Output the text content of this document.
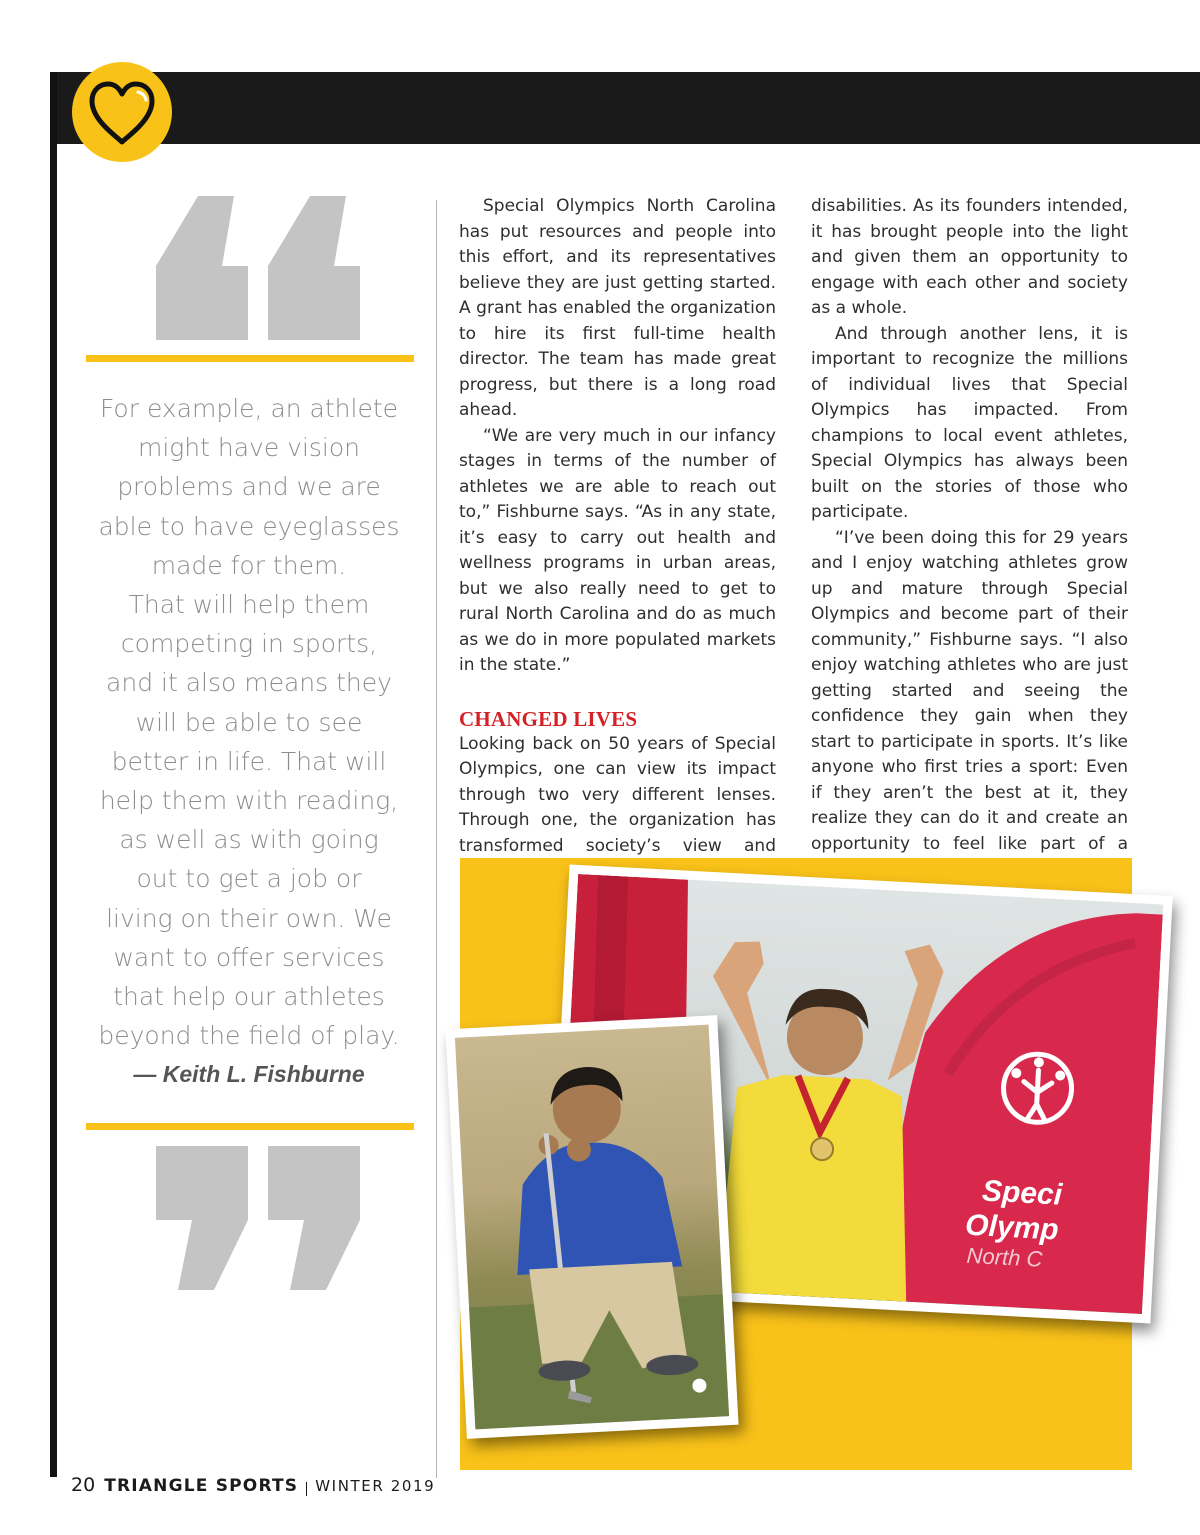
For example, an athlete
might have vision
problems and we are
able to have eyeglasses
made for them.
That will help them
competing in sports,
and it also means they
will be able to see
better in life. That will
help them with reading,
as well as with going
out to get a job or
living on their own. We
want to offer services
that help our athletes
beyond the field of play.
— Keith L. Fishburne

Special Olympics North Carolina has put resources and people into this effort, and its representatives believe they are just getting started. A grant has enabled the organization to hire its first full-time health director. The team has made great progress, but there is a long road ahead.

“We are very much in our infancy stages in terms of the number of athletes we are able to reach out to,” Fishburne says. “As in any state, it’s easy to carry out health and wellness programs in urban areas, but we also really need to get to rural North Carolina and do as much as we do in more populated markets in the state.”

CHANGED LIVES

Looking back on 50 years of Special Olympics, one can view its impact through two very different lenses. Through one, the organization has transformed society’s view and

disabilities. As its founders intended, it has brought people into the light and given them an opportunity to engage with each other and society as a whole.

And through another lens, it is important to recognize the millions of individual lives that Special Olympics has impacted. From champions to local event athletes, Special Olympics has always been built on the stories of those who participate.

“I’ve been doing this for 29 years and I enjoy watching athletes grow up and mature through Special Olympics and become part of their community,” Fishburne says. “I also enjoy watching athletes who are just getting started and seeing the confidence they gain when they start to participate in sports. It’s like anyone who first tries a sport: Even if they aren’t the best at it, they realize they can do it and create an opportunity to feel like part of a

Speci
Olymp
North C
20 TRIANGLE SPORTS WINTER 2019
